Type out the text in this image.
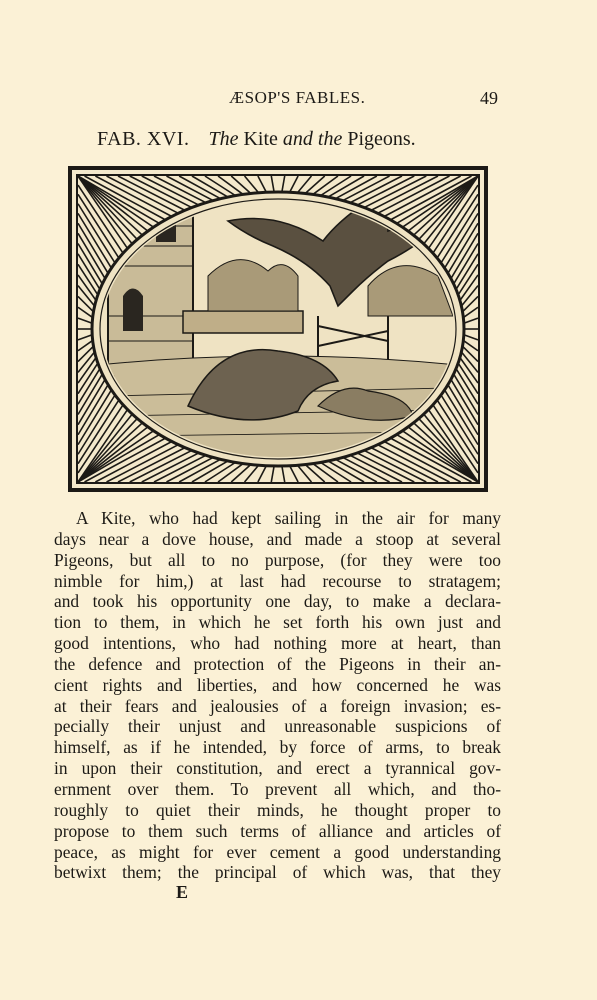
ÆSOP'S FABLES.	49
FAB. XVI. The Kite and the Pigeons.
A Kite, who had kept sailing in the air for many
days near a dove house, and made a stoop at several
Pigeons, but all to no purpose, (for they were too
nimble for him,) at last had recourse to stratagem;
and took his opportunity one day, to make a declara-
tion to them, in which he set forth his own just and
good intentions, who had nothing more at heart, than
the defence and protection of the Pigeons in their an-
cient rights and liberties, and how concerned he was
at their fears and jealousies of a foreign invasion; es-
pecially their unjust and unreasonable suspicions of
himself, as if he intended, by force of arms, to break
in upon their constitution, and erect a tyrannical gov-
ernment over them. To prevent all which, and tho-
roughly to quiet their minds, he thought proper to
propose to them such terms of alliance and articles of
peace, as might for ever cement a good understanding
betwixt them; the principal of which was, that they
E
